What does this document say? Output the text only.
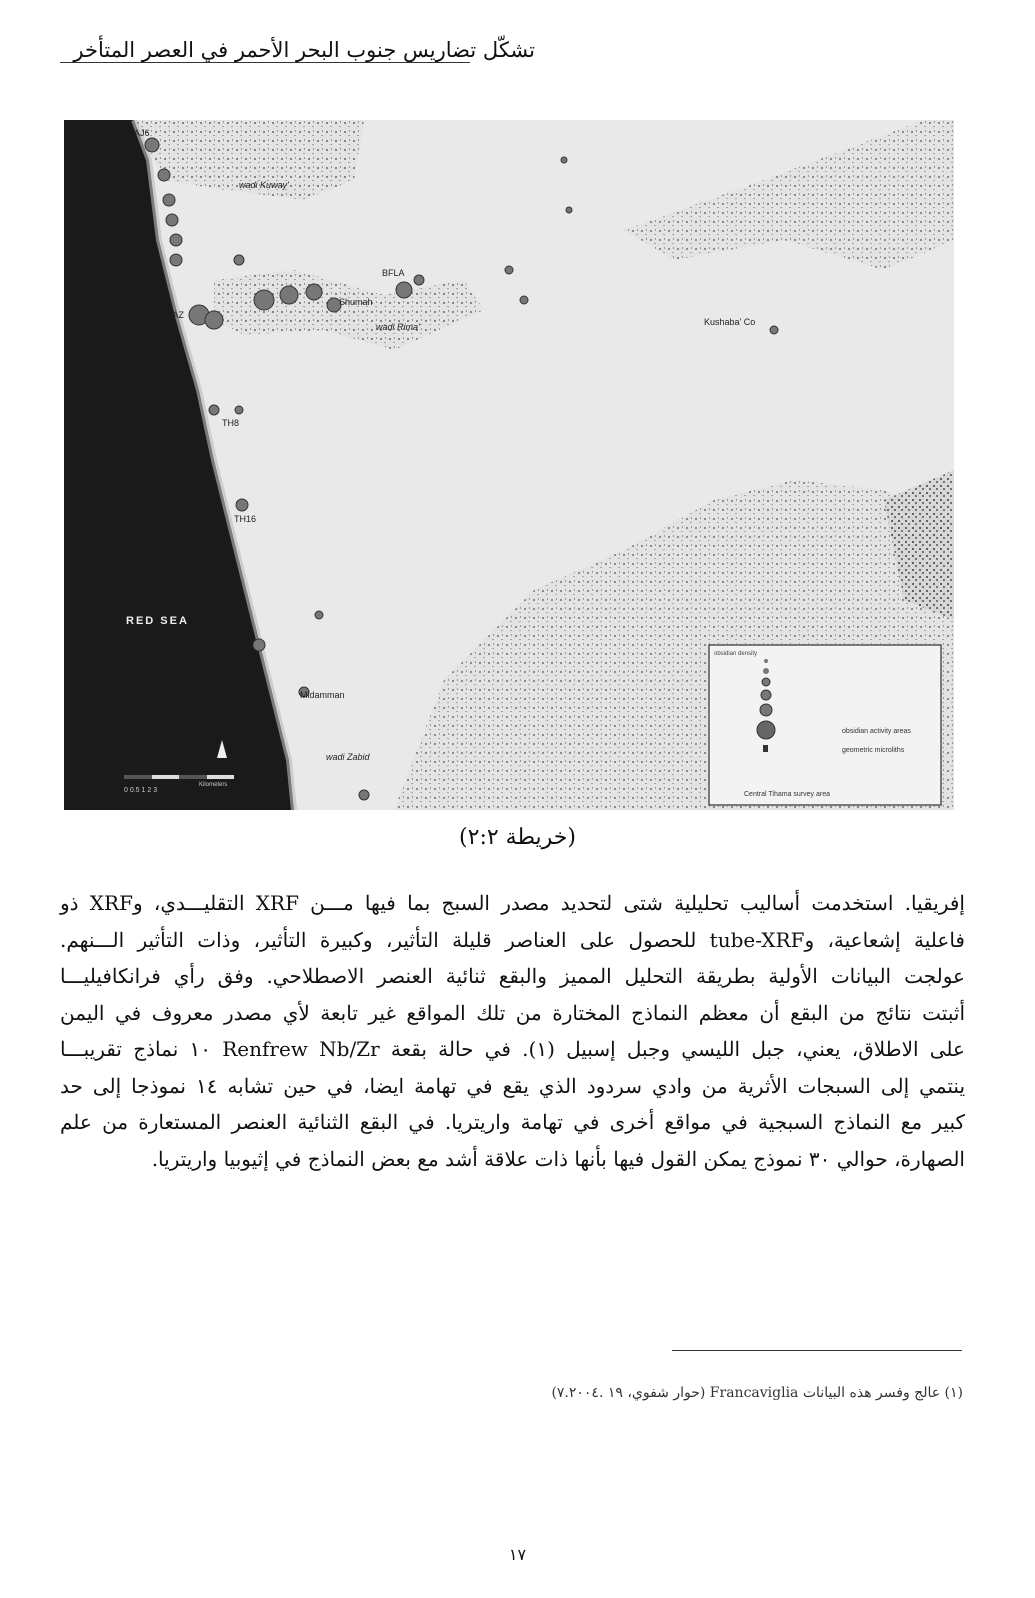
تشكّل تضاريس جنوب البحر الأحمر في العصر المتأخر
AJ6
wadi Kuway'
BFLA
Shumah
AJAZ
wadi Rima'	Kushaba' Co
TH8
TH16
RED SEA
Midamman
wadi Zabid
0 0.5 1 2 3
Kilometers
obsidian density
obsidian activity areas
geometric microliths
Central Tihama survey area
(خريطة ٢:٢)

إفريقيا. استخدمت أساليب تحليلية شتى لتحديد مصدر السبج بما فيها مـــن XRF التقليـــدي، وXRF ذو

فاعلية إشعاعية، وtube-XRF للحصول على العناصر قليلة التأثير، وكبيرة التأثير، وذات التأثير الـــنهم.

عولجت البيانات الأولية بطريقة التحليل المميز والبقع ثنائية العنصر الاصطلاحي. وفق رأي فرانكافيليـــا

أثبتت نتائج من البقع أن معظم النماذج المختارة من تلك المواقع غير تابعة لأي مصدر معروف في اليمن

على الاطلاق، يعني، جبل الليسي وجبل إسبيل (١). في حالة بقعة Renfrew Nb/Zr ١٠ نماذج تقريبـــا

ينتمي إلى السبجات الأثرية من وادي سردود الذي يقع في تهامة ايضا، في حين تشابه ١٤ نموذجا إلى حد

كبير مع النماذج السبجية في مواقع أخرى في تهامة واريتريا. في البقع الثنائية العنصر المستعارة من علم

الصهارة، حوالي ٣٠ نموذج يمكن القول فيها بأنها ذات علاقة أشد مع بعض النماذج في إثيوبيا واريتريا.

(١) عالج وفسر هذه البيانات Francaviglia (حوار شفوي، ١٩ .٧.٢٠٠٤)
١٧
